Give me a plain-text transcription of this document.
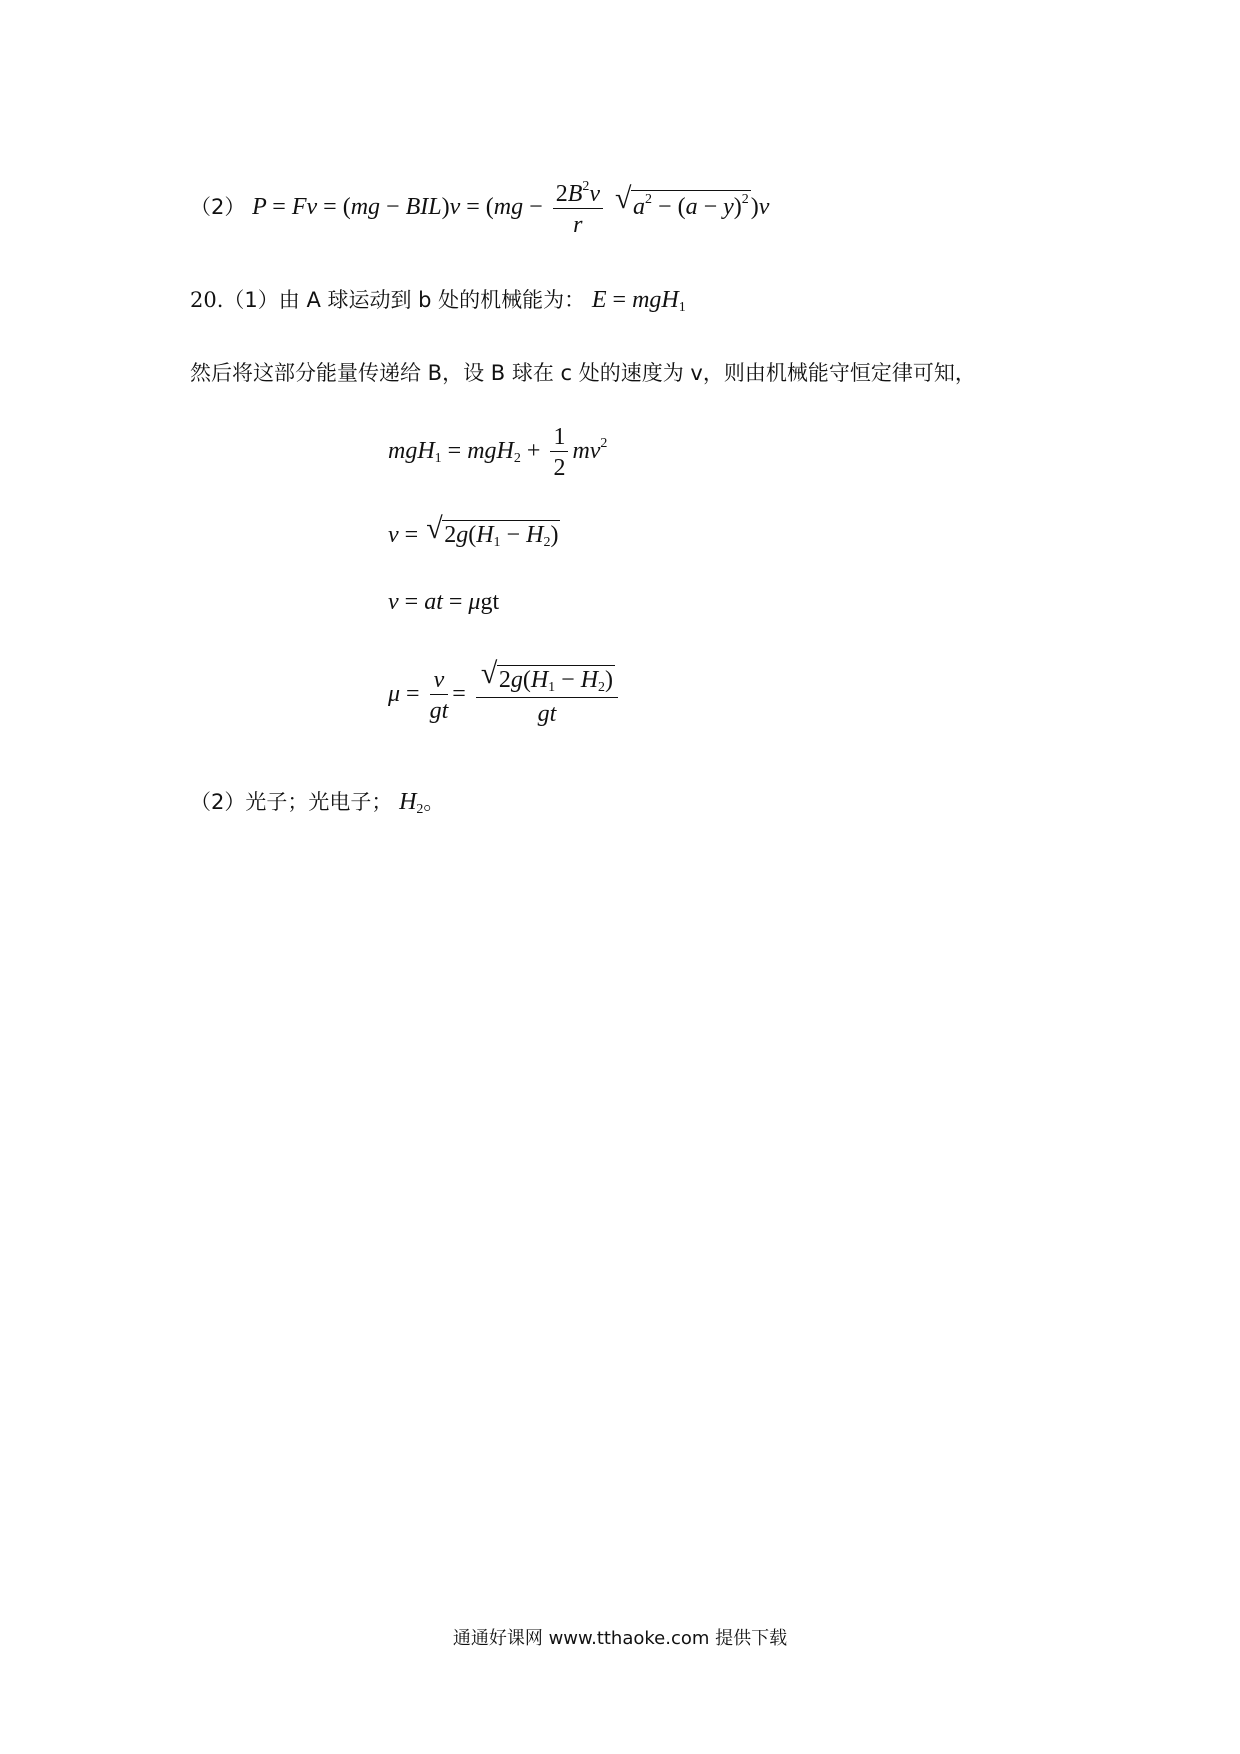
（2） $P = Fv = (mg - BIL)v = (mg - \frac{2B^2v}{r}$
√ $a^2 - (a - y)^2)v$
20.（1）由 A 球运动到 b 处的机械能为： E = mgH$_1$
然后将这部分能量传递给 B，设 B 球在 c 处的速度为 v，则由机械能守恒定律可知，
$mgH_1 = mgH_2 + \frac{1}{2} mv^2$
v = √ $2g(H_1 - H_2)$
v = at = μgt
$\mu = \frac{v}{gt} = \frac{√ 2g(H_1 - H_2)}{gt}$
（2）光子；光电子； $H_2$。
通通好课网 www.tthaoke.com 提供下载
